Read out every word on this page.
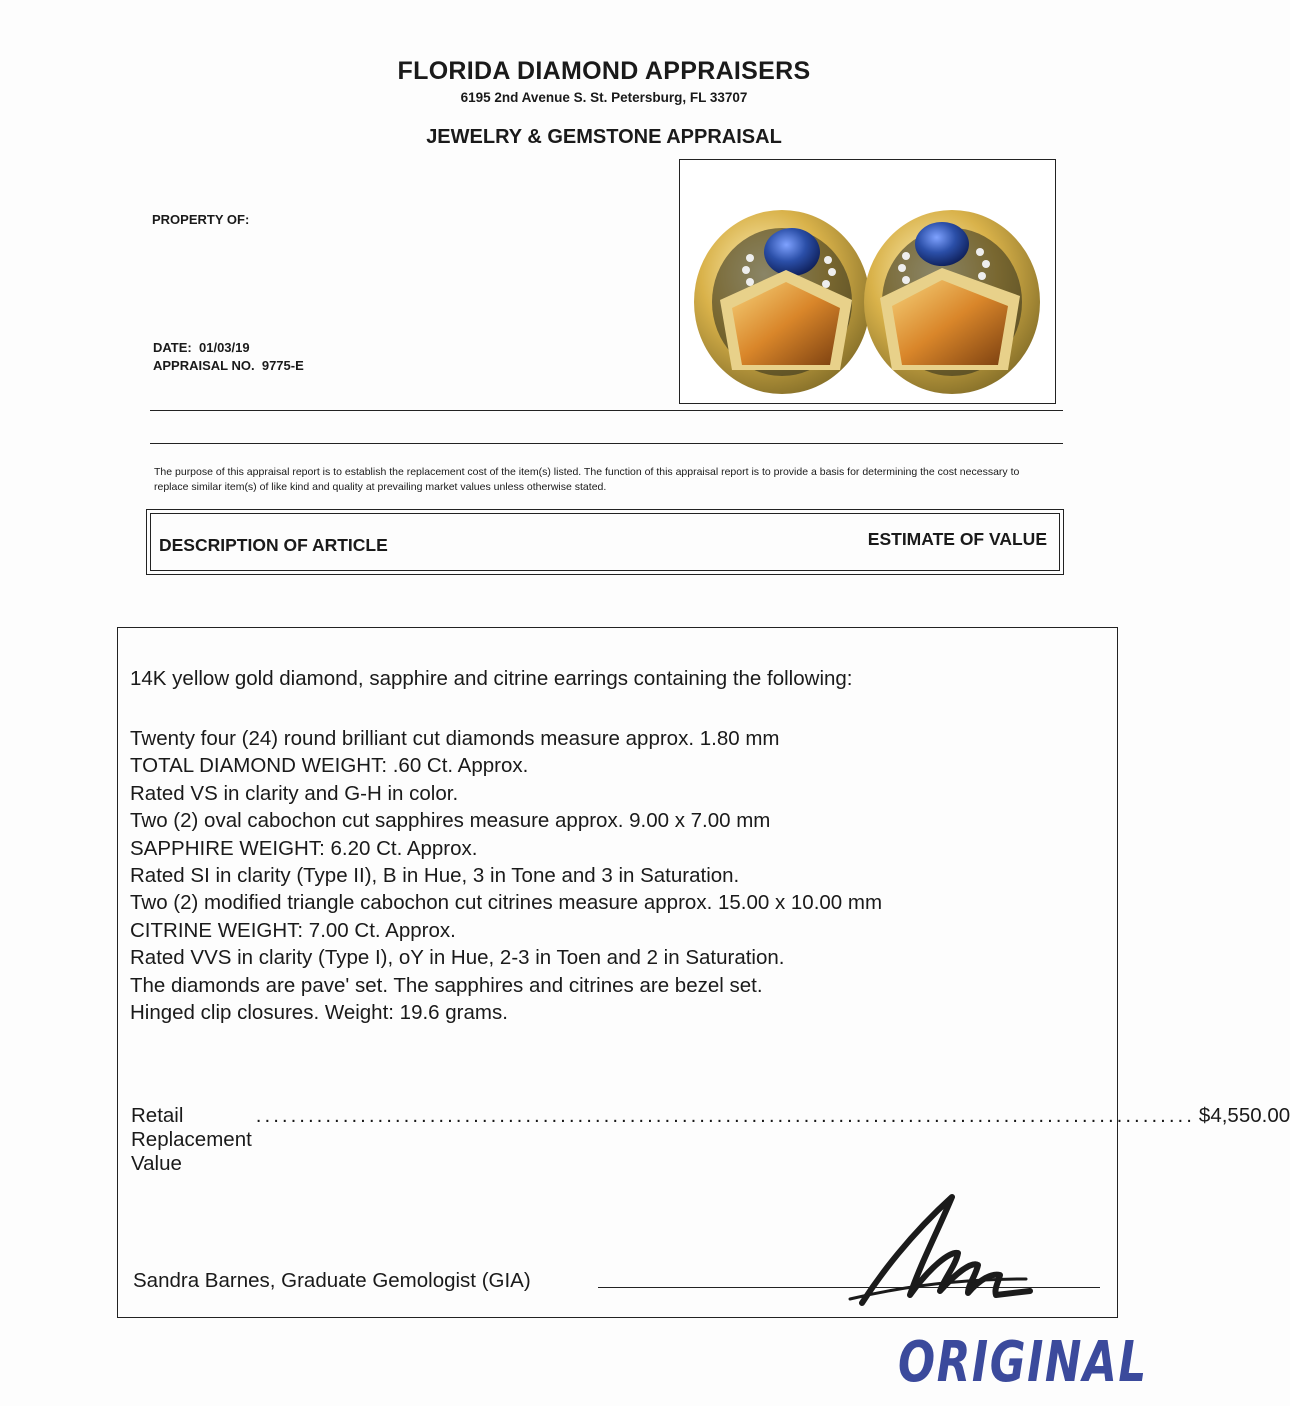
FLORIDA DIAMOND APPRAISERS
6195 2nd Avenue S. St. Petersburg, FL 33707
JEWELRY & GEMSTONE APPRAISAL
PROPERTY OF:
DATE: 01/03/19
APPRAISAL NO. 9775-E
The purpose of this appraisal report is to establish the replacement cost of the item(s) listed. The function of this appraisal report is to provide a basis for determining the cost necessary to replace similar item(s) of like kind and quality at prevailing market values unless otherwise stated.
DESCRIPTION OF ARTICLE	ESTIMATE OF VALUE
14K yellow gold diamond, sapphire and citrine earrings containing the following:
Twenty four (24) round brilliant cut diamonds measure approx. 1.80 mm
TOTAL DIAMOND WEIGHT: .60 Ct. Approx.
Rated VS in clarity and G-H in color.
Two (2) oval cabochon cut sapphires measure approx. 9.00 x 7.00 mm
SAPPHIRE WEIGHT: 6.20 Ct. Approx.
Rated SI in clarity (Type II), B in Hue, 3 in Tone and 3 in Saturation.
Two (2) modified triangle cabochon cut citrines measure approx. 15.00 x 10.00 mm
CITRINE WEIGHT: 7.00 Ct. Approx.
Rated VVS in clarity (Type I), oY in Hue, 2-3 in Toen and 2 in Saturation.
The diamonds are pave' set. The sapphires and citrines are bezel set.
Hinged clip closures. Weight: 19.6 grams.
Retail Replacement Value
............................................................................................................ $4,550.00
Sandra Barnes, Graduate Gemologist (GIA)
ORIGINAL
